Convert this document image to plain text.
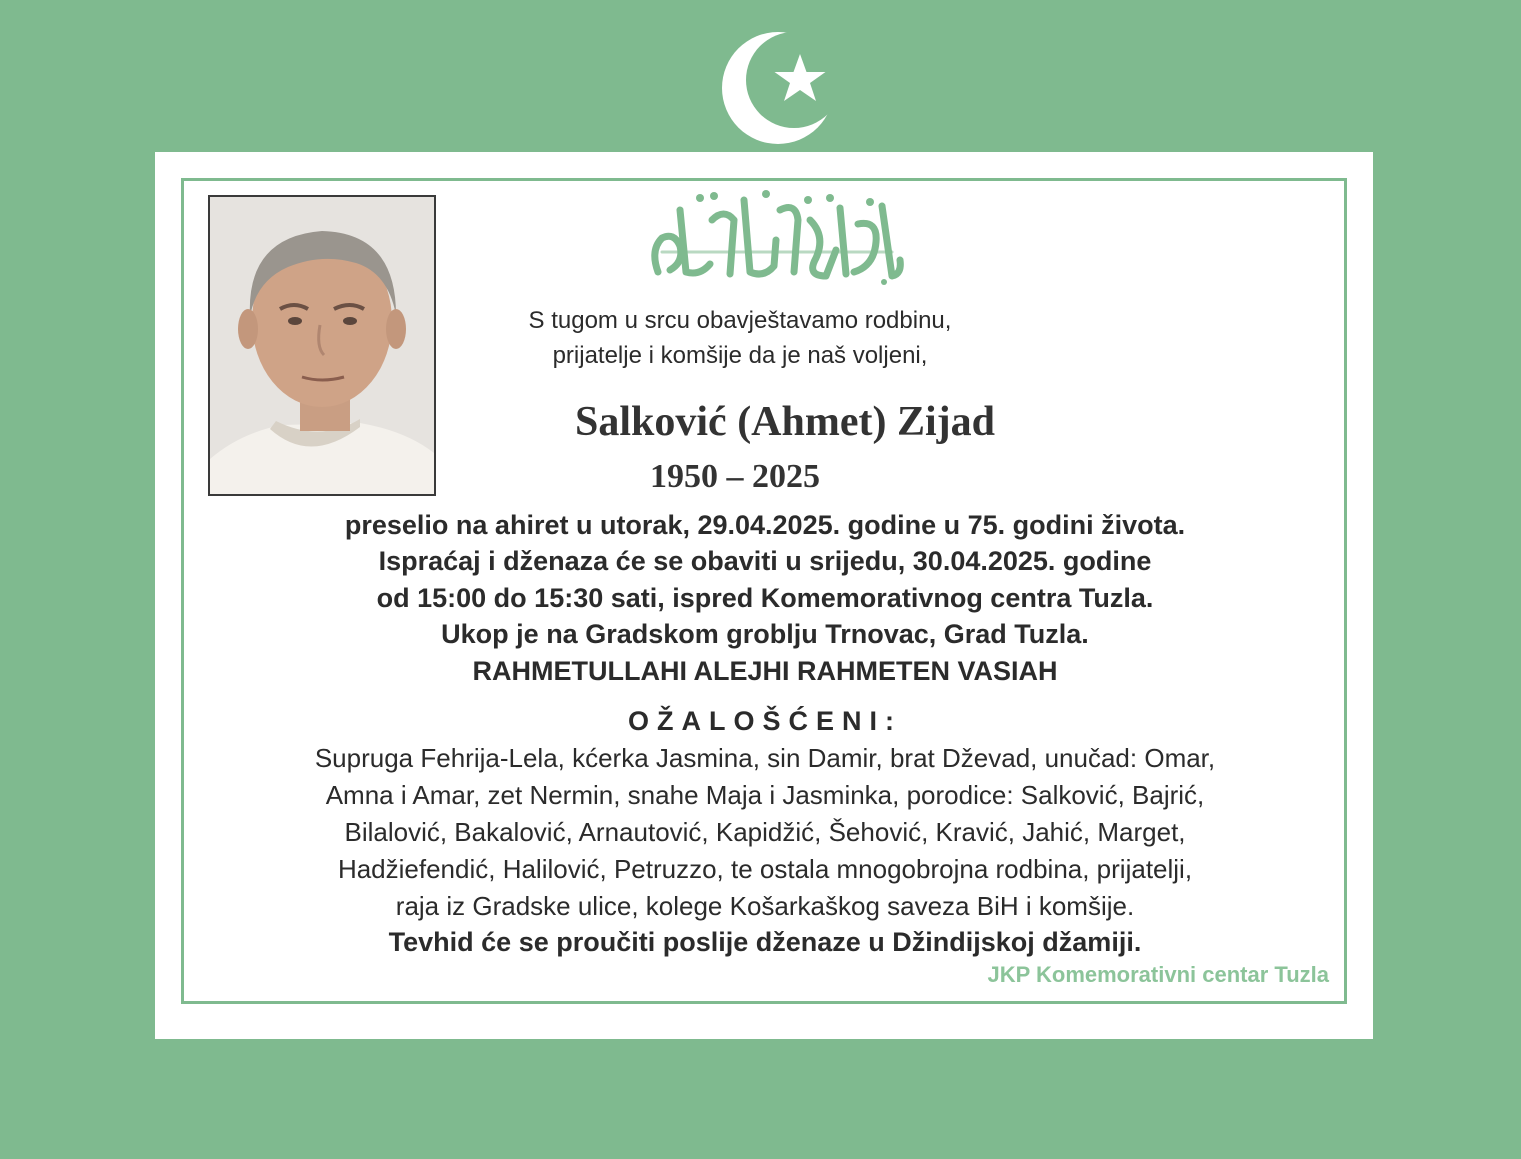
S tugom u srcu obavještavamo rodbinu,
prijatelje i komšije da je naš voljeni,
Salković (Ahmet) Zijad
1950 – 2025
preselio na ahiret u utorak, 29.04.2025. godine u 75. godini života.
Ispraćaj i dženaza će se obaviti u srijedu, 30.04.2025. godine
od 15:00 do 15:30 sati, ispred Komemorativnog centra Tuzla.
Ukop je na Gradskom groblju Trnovac, Grad Tuzla.
RAHMETULLAHI ALEJHI RAHMETEN VASIAH
OŽALOŠĆENI:
Supruga Fehrija-Lela, kćerka Jasmina, sin Damir, brat Dževad, unučad: Omar,
Amna i Amar, zet Nermin, snahe Maja i Jasminka, porodice: Salković, Bajrić,
Bilalović, Bakalović, Arnautović, Kapidžić, Šehović, Kravić, Jahić, Marget,
Hadžiefendić, Halilović, Petruzzo, te ostala mnogobrojna rodbina, prijatelji,
raja iz Gradske ulice, kolege Košarkaškog saveza BiH i komšije.
Tevhid će se proučiti poslije dženaze u Džindijskoj džamiji.
JKP Komemorativni centar Tuzla
